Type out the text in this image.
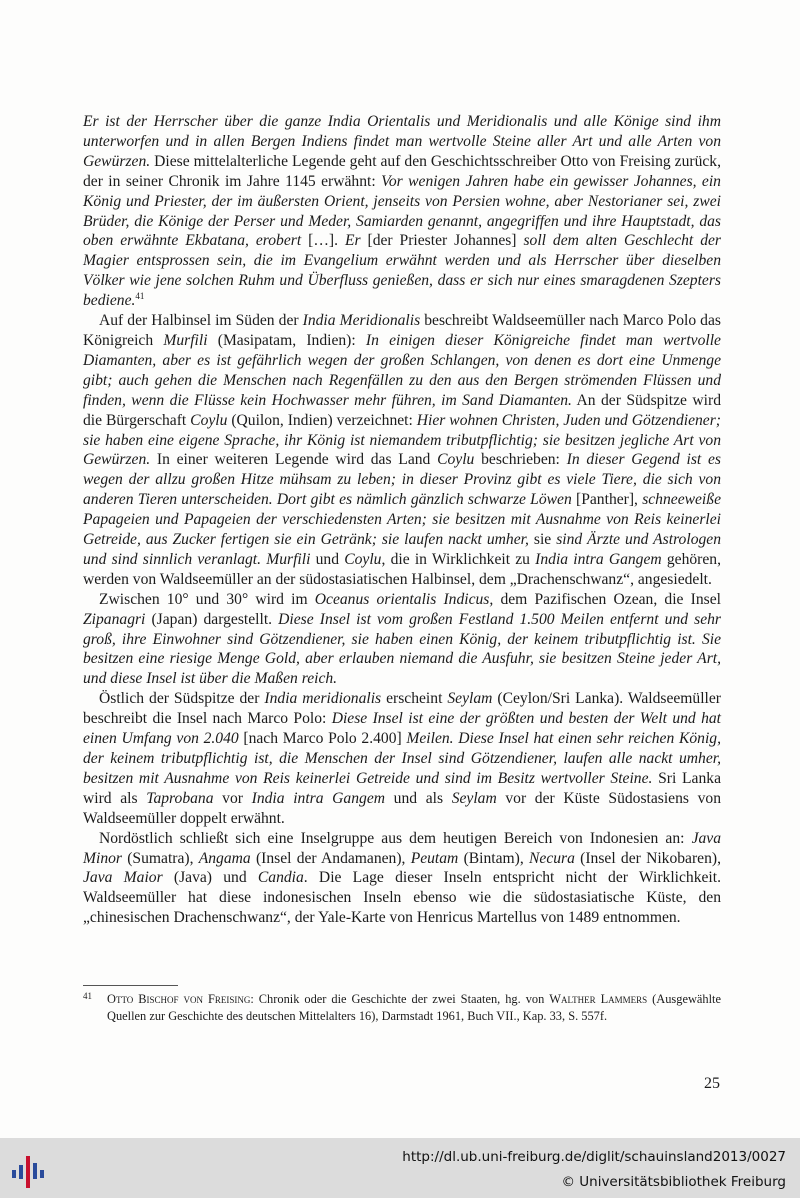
Er ist der Herrscher über die ganze India Orientalis und Meridionalis und alle Könige sind ihm unterworfen und in allen Bergen Indiens findet man wertvolle Steine aller Art und alle Arten von Gewürzen. Diese mittelalterliche Legende geht auf den Geschichtsschreiber Otto von Freising zurück, der in seiner Chronik im Jahre 1145 erwähnt: Vor wenigen Jahren habe ein gewisser Johannes, ein König und Priester, der im äußersten Orient, jenseits von Persien wohne, aber Nestorianer sei, zwei Brüder, die Könige der Perser und Meder, Samiarden genannt, angegriffen und ihre Hauptstadt, das oben erwähnte Ekbatana, erobert […]. Er [der Priester Johannes] soll dem alten Geschlecht der Magier entsprossen sein, die im Evangelium erwähnt werden und als Herrscher über dieselben Völker wie jene solchen Ruhm und Überfluss genießen, dass er sich nur eines smaragdenen Szepters bediene.$^{41}$

Auf der Halbinsel im Süden der India Meridionalis beschreibt Waldseemüller nach Marco Polo das Königreich Murfili (Masipatam, Indien): In einigen dieser Königreiche findet man wertvolle Diamanten, aber es ist gefährlich wegen der großen Schlangen, von denen es dort eine Unmenge gibt; auch gehen die Menschen nach Regenfällen zu den aus den Bergen strömenden Flüssen und finden, wenn die Flüsse kein Hochwasser mehr führen, im Sand Diamanten. An der Südspitze wird die Bürgerschaft Coylu (Quilon, Indien) verzeichnet: Hier wohnen Christen, Juden und Götzendiener; sie haben eine eigene Sprache, ihr König ist niemandem tributpflichtig; sie besitzen jegliche Art von Gewürzen. In einer weiteren Legende wird das Land Coylu beschrieben: In dieser Gegend ist es wegen der allzu großen Hitze mühsam zu leben; in dieser Provinz gibt es viele Tiere, die sich von anderen Tieren unterscheiden. Dort gibt es nämlich gänzlich schwarze Löwen [Panther], schneeweiße Papageien und Papageien der verschiedensten Arten; sie besitzen mit Ausnahme von Reis keinerlei Getreide, aus Zucker fertigen sie ein Getränk; sie laufen nackt umher, sie sind Ärzte und Astrologen und sind sinnlich veranlagt. Murfili und Coylu, die in Wirklichkeit zu India intra Gangem gehören, werden von Waldseemüller an der südostasiatischen Halbinsel, dem „Drachenschwanz“, angesiedelt.

Zwischen 10° und 30° wird im Oceanus orientalis Indicus, dem Pazifischen Ozean, die Insel Zipanagri (Japan) dargestellt. Diese Insel ist vom großen Festland 1.500 Meilen entfernt und sehr groß, ihre Einwohner sind Götzendiener, sie haben einen König, der keinem tributpflichtig ist. Sie besitzen eine riesige Menge Gold, aber erlauben niemand die Ausfuhr, sie besitzen Steine jeder Art, und diese Insel ist über die Maßen reich.

Östlich der Südspitze der India meridionalis erscheint Seylam (Ceylon/Sri Lanka). Waldseemüller beschreibt die Insel nach Marco Polo: Diese Insel ist eine der größten und besten der Welt und hat einen Umfang von 2.040 [nach Marco Polo 2.400] Meilen. Diese Insel hat einen sehr reichen König, der keinem tributpflichtig ist, die Menschen der Insel sind Götzendiener, laufen alle nackt umher, besitzen mit Ausnahme von Reis keinerlei Getreide und sind im Besitz wertvoller Steine. Sri Lanka wird als Taprobana vor India intra Gangem und als Seylam vor der Küste Südostasiens von Waldseemüller doppelt erwähnt.

Nordöstlich schließt sich eine Inselgruppe aus dem heutigen Bereich von Indonesien an: Java Minor (Sumatra), Angama (Insel der Andamanen), Peutam (Bintam), Necura (Insel der Nikobaren), Java Maior (Java) und Candia. Die Lage dieser Inseln entspricht nicht der Wirklichkeit. Waldseemüller hat diese indonesischen Inseln ebenso wie die südostasiatische Küste, den „chinesischen Drachenschwanz“, der Yale-Karte von Henricus Martellus von 1489 entnommen.

41 Otto Bischof von Freising: Chronik oder die Geschichte der zwei Staaten, hg. von Walther Lammers (Ausgewählte Quellen zur Geschichte des deutschen Mittelalters 16), Darmstadt 1961, Buch VII., Kap. 33, S. 557f.
25
http://dl.ub.uni-freiburg.de/diglit/schauinsland2013/0027
© Universitätsbibliothek Freiburg
